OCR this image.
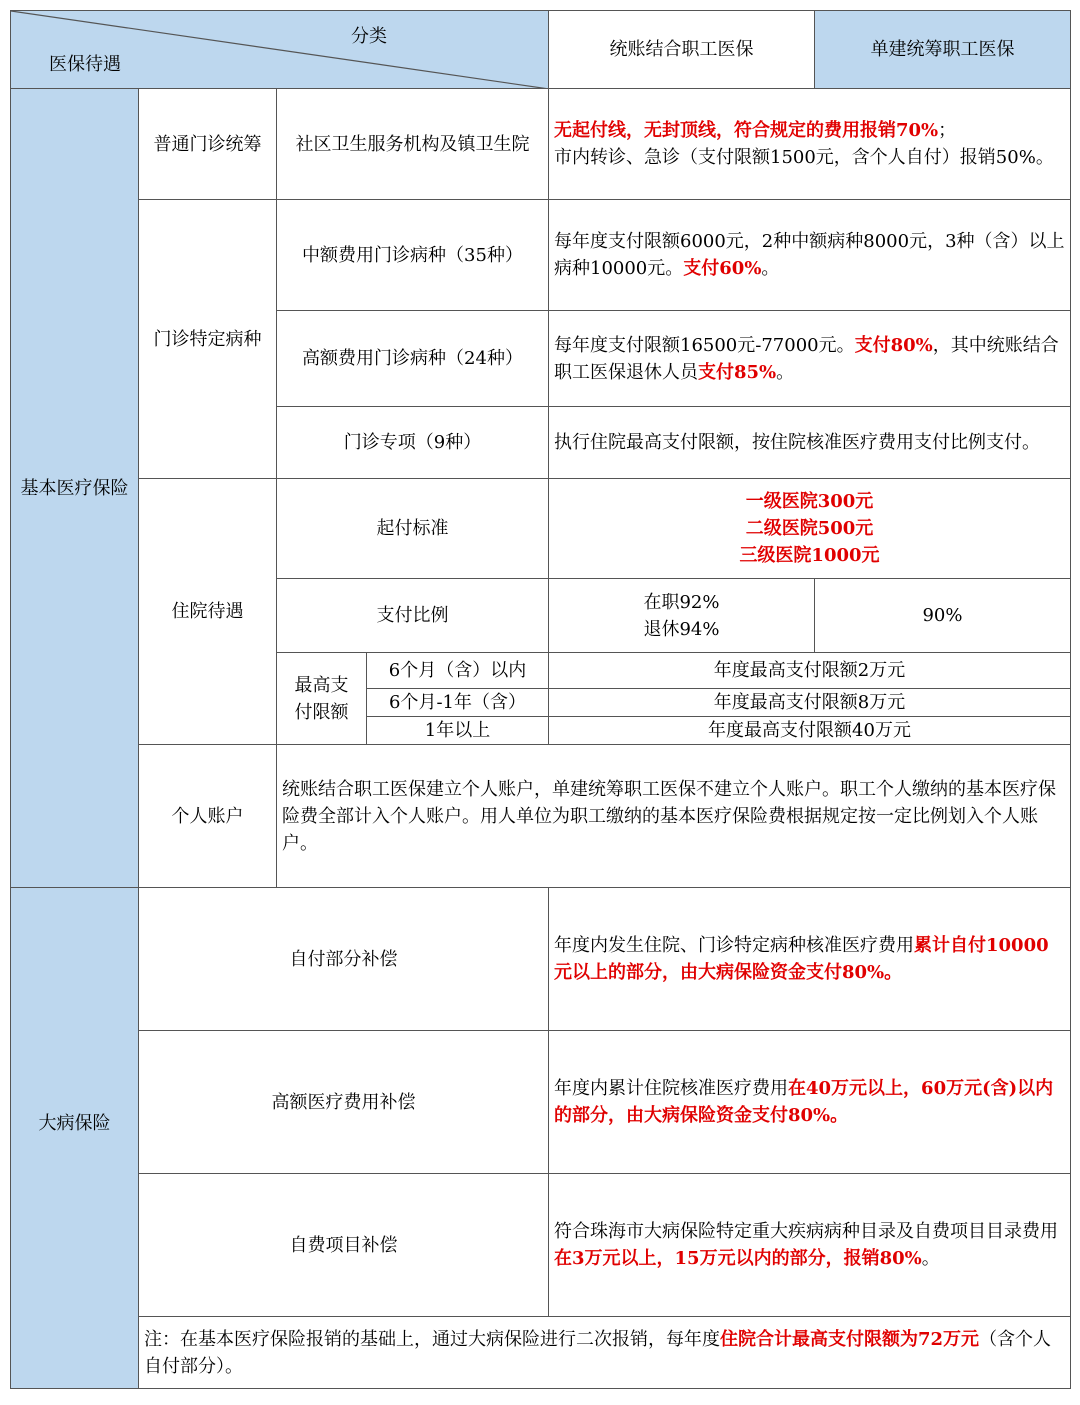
分类
医保待遇				统账结合职工医保	单建统筹职工医保
基本医疗保险	普通门诊统筹	社区卫生服务机构及镇卫生院		无起付线，无封顶线，符合规定的费用报销70%；
市内转诊、急诊（支付限额1500元，含个人自付）报销50%。	
	门诊特定病种	中额费用门诊病种（35种）		每年度支付限额6000元，2种中额病种8000元，3种（含）以上病种10000元。支付60%。	
		高额费用门诊病种（24种）		每年度支付限额16500元-77000元。支付80%，其中统账结合职工医保退休人员支付85%。	
		门诊专项（9种）		执行住院最高支付限额，按住院核准医疗费用支付比例支付。	
	住院待遇	起付标准		一级医院300元
二级医院500元
三级医院1000元	

		支付比例		在职92%
退休94%	90%

		最高支付限额	6个月（含）以内	年度最高支付限额2万元	
			6个月-1年（含）	年度最高支付限额8万元	
			1年以上	年度最高支付限额40万元	
	个人账户	统账结合职工医保建立个人账户，单建统筹职工医保不建立个人账户。职工个人缴纳的基本医疗保险费全部计入个人账户。用人单位为职工缴纳的基本医疗保险费根据规定按一定比例划入个人账户。			
大病保险	自付部分补偿			年度内发生住院、门诊特定病种核准医疗费用累计自付10000元以上的部分，由大病保险资金支付80%。	
	高额医疗费用补偿			年度内累计住院核准医疗费用在40万元以上，60万元(含)以内的部分，由大病保险资金支付80%。	
	自费项目补偿			符合珠海市大病保险特定重大疾病病种目录及自费项目目录费用在3万元以上，15万元以内的部分，报销80%。	
	注：在基本医疗保险报销的基础上，通过大病保险进行二次报销，每年度住院合计最高支付限额为72万元（含个人自付部分）。				
